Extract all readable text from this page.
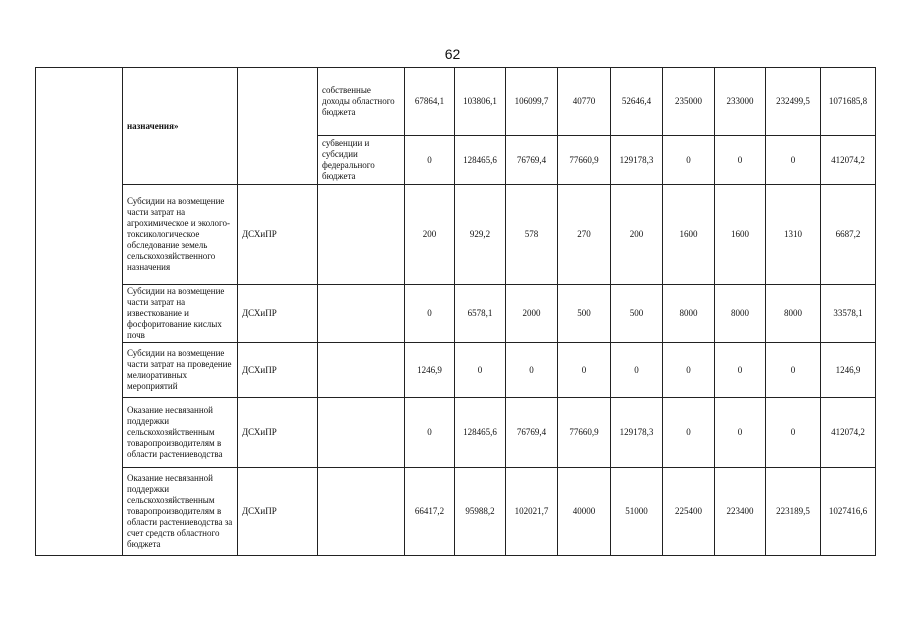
62
	назначения»		собственные доходы областного бюджета	67864,1	103806,1	106099,7	40770	52646,4	235000	233000	232499,5	1071685,8
			субвенции и субсидии федерального бюджета	0	128465,6	76769,4	77660,9	129178,3	0	0	0	412074,2
	Субсидии на возмещение части затрат на агрохимическое и эколого-токсикологическое обследование земель сельскохозяйственного назначения	ДСХиПР		200	929,2	578	270	200	1600	1600	1310	6687,2
	Субсидии на возмещение части затрат на известкование и фосфоритование кислых почв	ДСХиПР		0	6578,1	2000	500	500	8000	8000	8000	33578,1
	Субсидии на возмещение части затрат на проведение мелиоративных мероприятий	ДСХиПР		1246,9	0	0	0	0	0	0	0	1246,9
	Оказание несвязанной поддержки сельскохозяйственным товаропроизводителям в области растениеводства	ДСХиПР		0	128465,6	76769,4	77660,9	129178,3	0	0	0	412074,2
	Оказание несвязанной поддержки сельскохозяйственным товаропроизводителям в области растениеводства за счет средств областного бюджета	ДСХиПР		66417,2	95988,2	102021,7	40000	51000	225400	223400	223189,5	1027416,6
